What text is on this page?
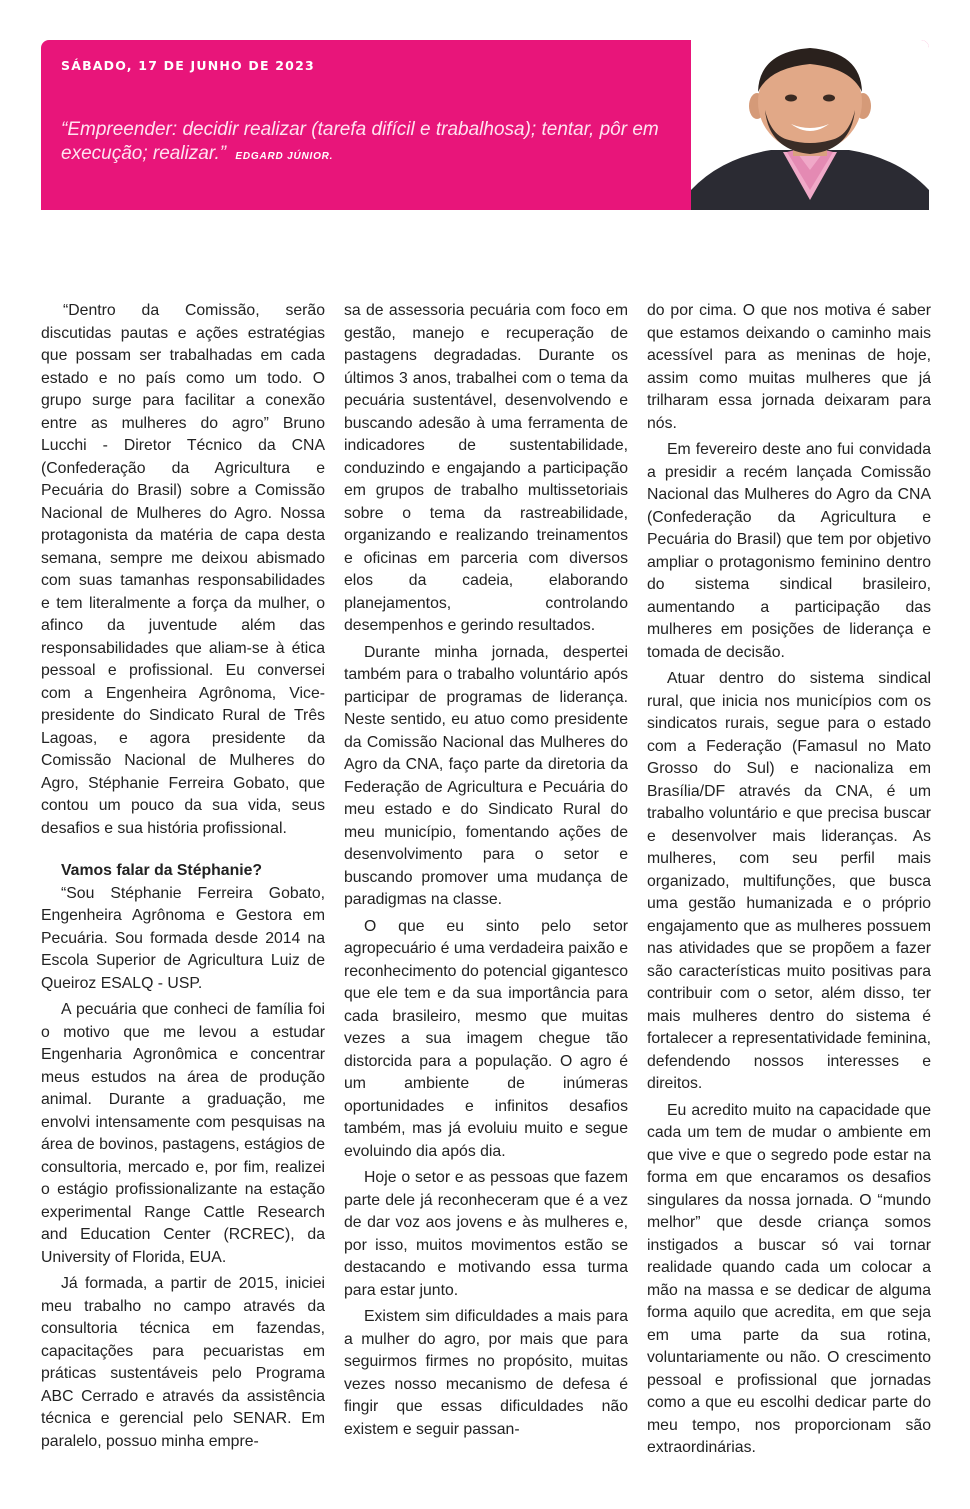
SÁBADO, 17 DE JUNHO DE 2023
“Empreender: decidir realizar (tarefa difícil e trabalhosa); tentar, pôr em execução; realizar.” EDGARD JÚNIOR.

“Dentro da Comissão, serão discutidas pautas e ações estratégias que possam ser trabalhadas em cada estado e no país como um todo. O grupo surge para facilitar a conexão entre as mulheres do agro” Bruno Lucchi - Diretor Técnico da CNA (Confederação da Agricultura e Pecuária do Brasil) sobre a Comissão Nacional de Mulheres do Agro. Nossa protagonista da matéria de capa desta semana, sempre me deixou abismado com suas tamanhas responsabilidades e tem literalmente a força da mulher, o afinco da juventude além das responsabilidades que aliam-se à ética pessoal e profissional. Eu conversei com a Engenheira Agrônoma, Vice-presidente do Sindicato Rural de Três Lagoas, e agora presidente da Comissão Nacional de Mulheres do Agro, Stéphanie Ferreira Gobato, que contou um pouco da sua vida, seus desafios e sua história profissional.

Vamos falar da Stéphanie?

“Sou Stéphanie Ferreira Gobato, Engenheira Agrônoma e Gestora em Pecuária. Sou formada desde 2014 na Escola Superior de Agricultura Luiz de Queiroz ESALQ - USP.

A pecuária que conheci de família foi o motivo que me levou a estudar Engenharia Agronômica e concentrar meus estudos na área de produção animal. Durante a graduação, me envolvi intensamente com pesquisas na área de bovinos, pastagens, estágios de consultoria, mercado e, por fim, realizei o estágio profissionalizante na estação experimental Range Cattle Research and Education Center (RCREC), da University of Florida, EUA.

Já formada, a partir de 2015, iniciei meu trabalho no campo através da consultoria técnica em fazendas, capacitações para pecuaristas em práticas sustentáveis pelo Programa ABC Cerrado e através da assistência técnica e gerencial pelo SENAR. Em paralelo, possuo minha empre-

sa de assessoria pecuária com foco em gestão, manejo e recuperação de pastagens degradadas. Durante os últimos 3 anos, trabalhei com o tema da pecuária sustentável, desenvolvendo e buscando adesão à uma ferramenta de indicadores de sustentabilidade, conduzindo e engajando a participação em grupos de trabalho multissetoriais sobre o tema da rastreabilidade, organizando e realizando treinamentos e oficinas em parceria com diversos elos da cadeia, elaborando planejamentos, controlando desempenhos e gerindo resultados.

Durante minha jornada, despertei também para o trabalho voluntário após participar de programas de liderança. Neste sentido, eu atuo como presidente da Comissão Nacional das Mulheres do Agro da CNA, faço parte da diretoria da Federação de Agricultura e Pecuária do meu estado e do Sindicato Rural do meu município, fomentando ações de desenvolvimento para o setor e buscando promover uma mudança de paradigmas na classe.

O que eu sinto pelo setor agropecuário é uma verdadeira paixão e reconhecimento do potencial gigantesco que ele tem e da sua importância para cada brasileiro, mesmo que muitas vezes a sua imagem chegue tão distorcida para a população. O agro é um ambiente de inúmeras oportunidades e infinitos desafios também, mas já evoluiu muito e segue evoluindo dia após dia.

Hoje o setor e as pessoas que fazem parte dele já reconheceram que é a vez de dar voz aos jovens e às mulheres e, por isso, muitos movimentos estão se destacando e motivando essa turma para estar junto.

Existem sim dificuldades a mais para a mulher do agro, por mais que para seguirmos firmes no propósito, muitas vezes nosso mecanismo de defesa é fingir que essas dificuldades não existem e seguir passan-

do por cima. O que nos motiva é saber que estamos deixando o caminho mais acessível para as meninas de hoje, assim como muitas mulheres que já trilharam essa jornada deixaram para nós.

Em fevereiro deste ano fui convidada a presidir a recém lançada Comissão Nacional das Mulheres do Agro da CNA (Confederação da Agricultura e Pecuária do Brasil) que tem por objetivo ampliar o protagonismo feminino dentro do sistema sindical brasileiro, aumentando a participação das mulheres em posições de liderança e tomada de decisão.

Atuar dentro do sistema sindical rural, que inicia nos municípios com os sindicatos rurais, segue para o estado com a Federação (Famasul no Mato Grosso do Sul) e nacionaliza em Brasília/DF através da CNA, é um trabalho voluntário e que precisa buscar e desenvolver mais lideranças. As mulheres, com seu perfil mais organizado, multifunções, que busca uma gestão humanizada e o próprio engajamento que as mulheres possuem nas atividades que se propõem a fazer são características muito positivas para contribuir com o setor, além disso, ter mais mulheres dentro do sistema é fortalecer a representatividade feminina, defendendo nossos interesses e direitos.

Eu acredito muito na capacidade que cada um tem de mudar o ambiente em que vive e que o segredo pode estar na forma em que encaramos os desafios singulares da nossa jornada. O “mundo melhor” que desde criança somos instigados a buscar só vai tornar realidade quando cada um colocar a mão na massa e se dedicar de alguma forma aquilo que acredita, em que seja em uma parte da sua rotina, voluntariamente ou não. O crescimento pessoal e profissional que jornadas como a que eu escolhi dedicar parte do meu tempo, nos proporcionam são extraordinárias.
